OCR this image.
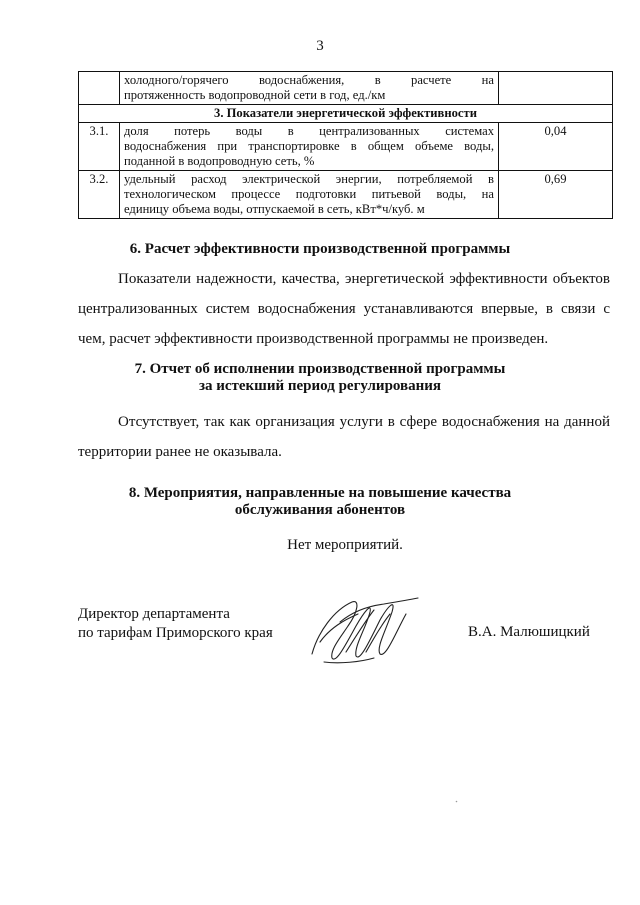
3

	холодного/горячего водоснабжения, в расчете на
протяженность водопроводной сети в год, ед./км	

3. Показатели энергетической эффективности		
3.1.	доля потерь воды в централизованных системах
водоснабжения при транспортировке в общем объеме воды,
поданной в водопроводную сеть, %	0,04
3.2.	удельный расход электрической энергии, потребляемой в
технологическом процессе подготовки питьевой воды, на
единицу объема воды, отпускаемой в сеть, кВт*ч/куб. м	0,69
6. Расчет эффективности производственной программы
Показатели надежности, качества, энергетической эффективности объектов
централизованных систем водоснабжения устанавливаются впервые, в связи с
чем, расчет эффективности производственной программы не произведен.
7. Отчет об исполнении производственной программы
за истекший период регулирования
Отсутствует, так как организация услуги в сфере водоснабжения на данной
территории ранее не оказывала.
8. Мероприятия, направленные на повышение качества
обслуживания абонентов
Нет мероприятий.
Директор департамента
по тарифам Приморского края	В.А. Малюшицкий
